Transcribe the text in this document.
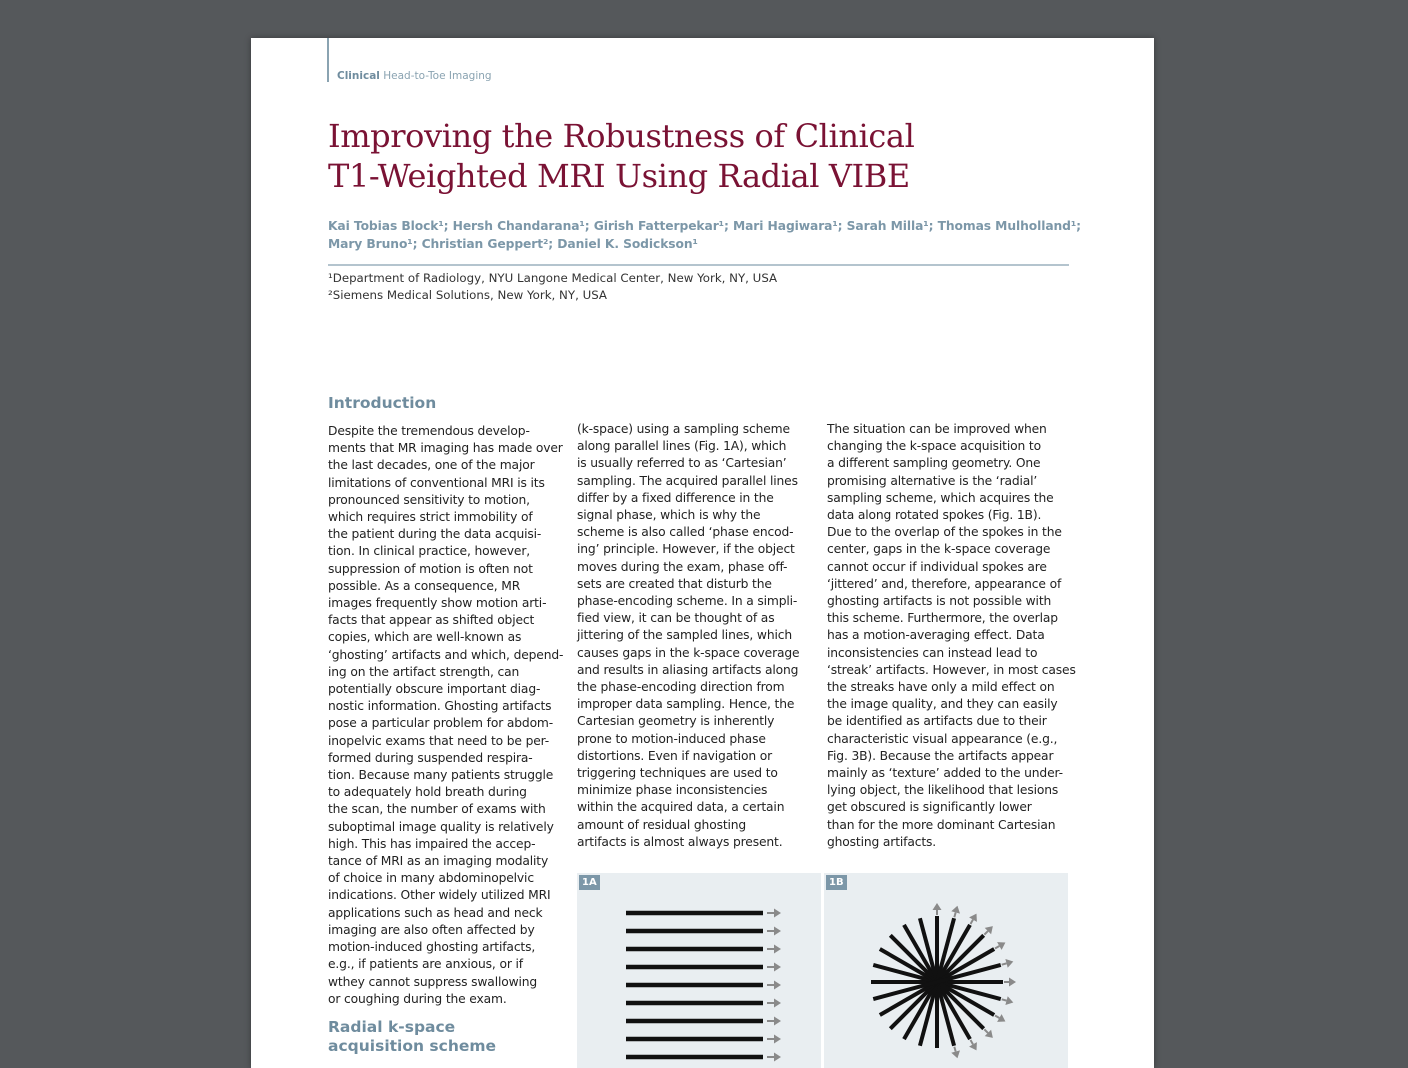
Clinical Head-to-Toe Imaging
Improving the Robustness of Clinical
T1-Weighted MRI Using Radial VIBE
Kai Tobias Block¹; Hersh Chandarana¹; Girish Fatterpekar¹; Mari Hagiwara¹; Sarah Milla¹; Thomas Mulholland¹;
Mary Bruno¹; Christian Geppert²; Daniel K. Sodickson¹
¹Department of Radiology, NYU Langone Medical Center, New York, NY, USA
²Siemens Medical Solutions, New York, NY, USA
Introduction
Despite the tremendous develop-
ments that MR imaging has made over
the last decades, one of the major
limitations of conventional MRI is its
pronounced sensitivity to motion,
which requires strict immobility of
the patient during the data acquisi-
tion. In clinical practice, however,
suppression of motion is often not
possible. As a consequence, MR
images frequently show motion arti-
facts that appear as shifted object
copies, which are well-known as
‘ghosting’ artifacts and which, depend-
ing on the artifact strength, can
potentially obscure important diag-
nostic information. Ghosting artifacts
pose a particular problem for abdom-
inopelvic exams that need to be per-
formed during suspended respira-
tion. Because many patients struggle
to adequately hold breath during
the scan, the number of exams with
suboptimal image quality is relatively
high. This has impaired the accep-
tance of MRI as an imaging modality
of choice in many abdominopelvic
indications. Other widely utilized MRI
applications such as head and neck
imaging are also often affected by
motion-induced ghosting artifacts,
e.g., if patients are anxious, or if
wthey cannot suppress swallowing
or coughing during the exam.
(k-space) using a sampling scheme
along parallel lines (Fig. 1A), which
is usually referred to as ‘Cartesian’
sampling. The acquired parallel lines
differ by a fixed difference in the
signal phase, which is why the
scheme is also called ‘phase encod-
ing’ principle. However, if the object
moves during the exam, phase off-
sets are created that disturb the
phase-encoding scheme. In a simpli-
fied view, it can be thought of as
jittering of the sampled lines, which
causes gaps in the k-space coverage
and results in aliasing artifacts along
the phase-encoding direction from
improper data sampling. Hence, the
Cartesian geometry is inherently
prone to motion-induced phase
distortions. Even if navigation or
triggering techniques are used to
minimize phase inconsistencies
within the acquired data, a certain
amount of residual ghosting
artifacts is almost always present.
The situation can be improved when
changing the k-space acquisition to
a different sampling geometry. One
promising alternative is the ‘radial’
sampling scheme, which acquires the
data along rotated spokes (Fig. 1B).
Due to the overlap of the spokes in the
center, gaps in the k-space coverage
cannot occur if individual spokes are
‘jittered’ and, therefore, appearance of
ghosting artifacts is not possible with
this scheme. Furthermore, the overlap
has a motion-averaging effect. Data
inconsistencies can instead lead to
‘streak’ artifacts. However, in most cases
the streaks have only a mild effect on
the image quality, and they can easily
be identified as artifacts due to their
characteristic visual appearance (e.g.,
Fig. 3B). Because the artifacts appear
mainly as ‘texture’ added to the under-
lying object, the likelihood that lesions
get obscured is significantly lower
than for the more dominant Cartesian
ghosting artifacts.
Radial k-space
acquisition scheme
1A	1B
